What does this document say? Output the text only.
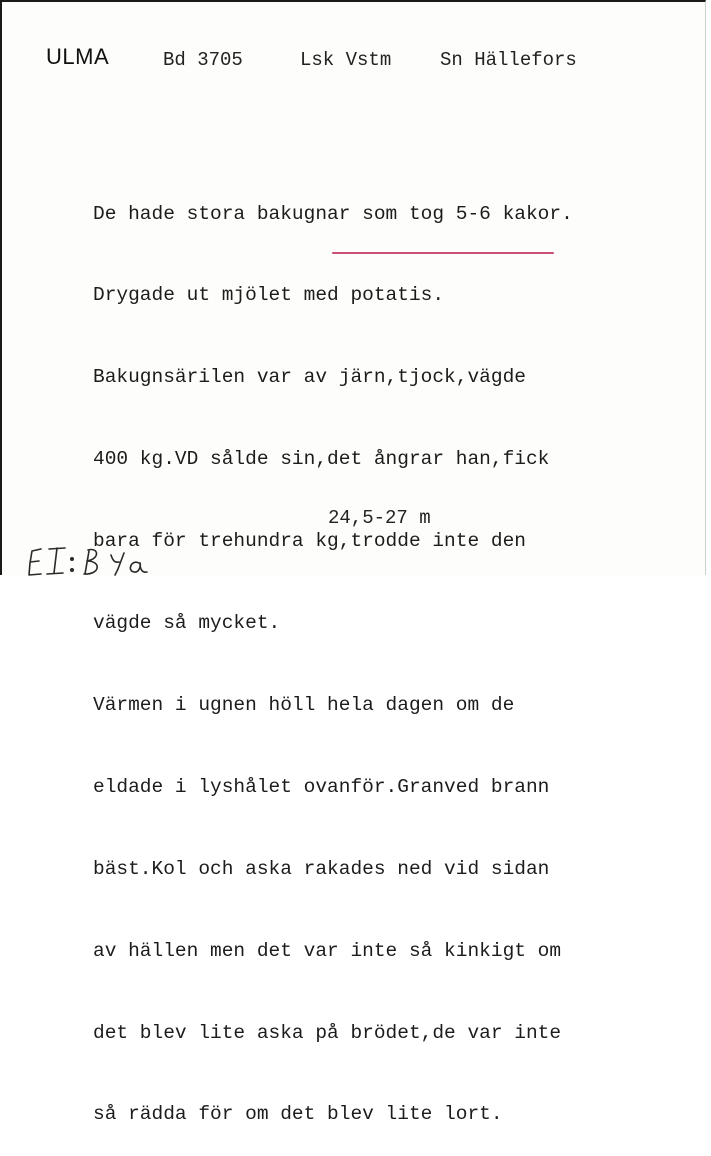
ULMA	Bd 3705	Lsk Vstm	Sn Hällefors

De hade stora bakugnar som tog 5-6 kakor.

Drygade ut mjölet med potatis.

Bakugnsärilen var av järn,tjock,vägde

400 kg.VD sålde sin,det ångrar han,fick

bara för trehundra kg,trodde inte den

vägde så mycket.

Värmen i ugnen höll hela dagen om de

eldade i lyshålet ovanför.Granved brann

bäst.Kol och aska rakades ned vid sidan

av hällen men det var inte så kinkigt om

det blev lite aska på brödet,de var inte

så rädda för om det blev lite lort.

24,5-27 m
